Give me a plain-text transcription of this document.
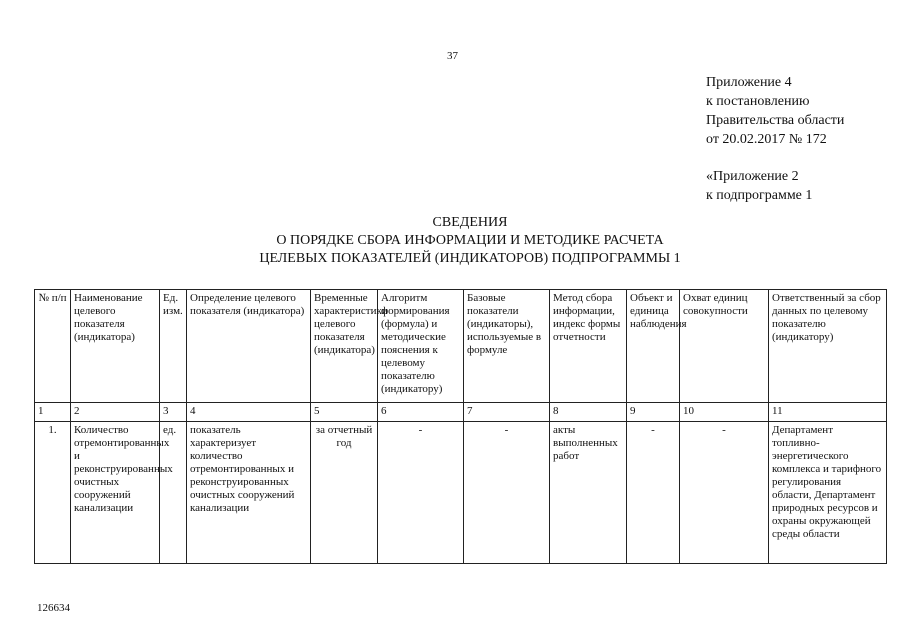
37
Приложение 4
к постановлению
Правительства области
от 20.02.2017 № 172
«Приложение 2
к подпрограмме 1
СВЕДЕНИЯ
О ПОРЯДКЕ СБОРА ИНФОРМАЦИИ И МЕТОДИКЕ РАСЧЕТА
ЦЕЛЕВЫХ ПОКАЗАТЕЛЕЙ (ИНДИКАТОРОВ) ПОДПРОГРАММЫ 1
№ п/п	Наименование целевого показателя (индикатора)	Ед. изм.	Определение целевого показателя (индикатора)	Временные характеристики целевого показателя (индикатора)	Алгоритм формирования (формула) и методические пояснения к целевому показателю (индикатору)	Базовые показатели (индикаторы), используемые в формуле	Метод сбора информации, индекс формы отчетности	Объект и единица наблюдения	Охват единиц совокупности	Ответственный за сбор данных по целевому показателю (индикатору)
1	2	3	4	5	6	7	8	9	10	11
1.	Количество отремонтированных и реконструированных очистных сооружений канализации	ед.	показатель характеризует количество отремонтированных и реконструированных очистных сооружений канализации	за отчетный год	-	-	акты выполненных работ	-	-	Департамент топливно-энергетического комплекса и тарифного регулирования области, Департамент природных ресурсов и охраны окружающей среды области
126634
